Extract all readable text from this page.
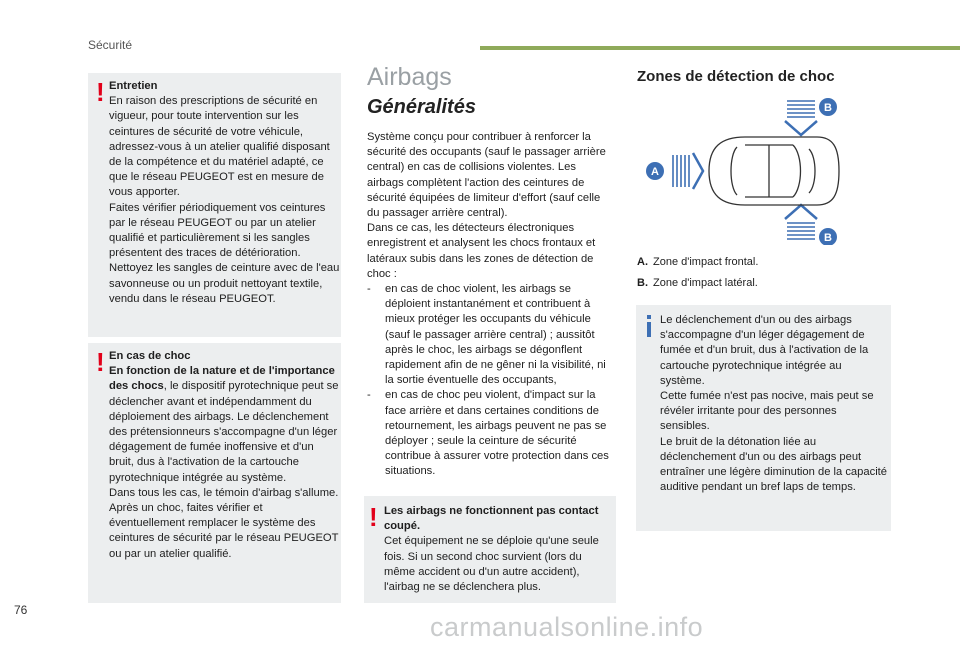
Sécurité
! Entretien

En raison des prescriptions de sécurité en vigueur, pour toute intervention sur les ceintures de sécurité de votre véhicule, adressez-vous à un atelier qualifié disposant de la compétence et du matériel adapté, ce que le réseau PEUGEOT est en mesure de vous apporter.

Faites vérifier périodiquement vos ceintures par le réseau PEUGEOT ou par un atelier qualifié et particulièrement si les sangles présentent des traces de détérioration.

Nettoyez les sangles de ceinture avec de l'eau savonneuse ou un produit nettoyant textile, vendu dans le réseau PEUGEOT.

! En cas de choc

En fonction de la nature et de l'importance des chocs, le dispositif pyrotechnique peut se déclencher avant et indépendamment du déploiement des airbags. Le déclenchement des prétensionneurs s'accompagne d'un léger dégagement de fumée inoffensive et d'un bruit, dus à l'activation de la cartouche pyrotechnique intégrée au système.

Dans tous les cas, le témoin d'airbag s'allume.

Après un choc, faites vérifier et éventuellement remplacer le système des ceintures de sécurité par le réseau PEUGEOT ou par un atelier qualifié.

Airbags
Généralités

Système conçu pour contribuer à renforcer la sécurité des occupants (sauf le passager arrière central) en cas de collisions violentes. Les airbags complètent l'action des ceintures de sécurité équipées de limiteur d'effort (sauf celle du passager arrière central).

Dans ce cas, les détecteurs électroniques enregistrent et analysent les chocs frontaux et latéraux subis dans les zones de détection de choc :

- en cas de choc violent, les airbags se déploient instantanément et contribuent à mieux protéger les occupants du véhicule (sauf le passager arrière central) ; aussitôt après le choc, les airbags se dégonflent rapidement afin de ne gêner ni la visibilité, ni la sortie éventuelle des occupants,
- en cas de choc peu violent, d'impact sur la face arrière et dans certaines conditions de retournement, les airbags peuvent ne pas se déployer ; seule la ceinture de sécurité contribue à assurer votre protection dans ces situations.
! Les airbags ne fonctionnent pas contact coupé.

Cet équipement ne se déploie qu'une seule fois. Si un second choc survient (lors du même accident ou d'un autre accident), l'airbag ne se déclenchera plus.

Zones de détection de choc
B
B
A
A. Zone d'impact frontal.
B. Zone d'impact latéral.

Le déclenchement d'un ou des airbags s'accompagne d'un léger dégagement de fumée et d'un bruit, dus à l'activation de la cartouche pyrotechnique intégrée au système.

Cette fumée n'est pas nocive, mais peut se révéler irritante pour des personnes sensibles.

Le bruit de la détonation liée au déclenchement d'un ou des airbags peut entraîner une légère diminution de la capacité auditive pendant un bref laps de temps.

76
carmanualsonline.info
